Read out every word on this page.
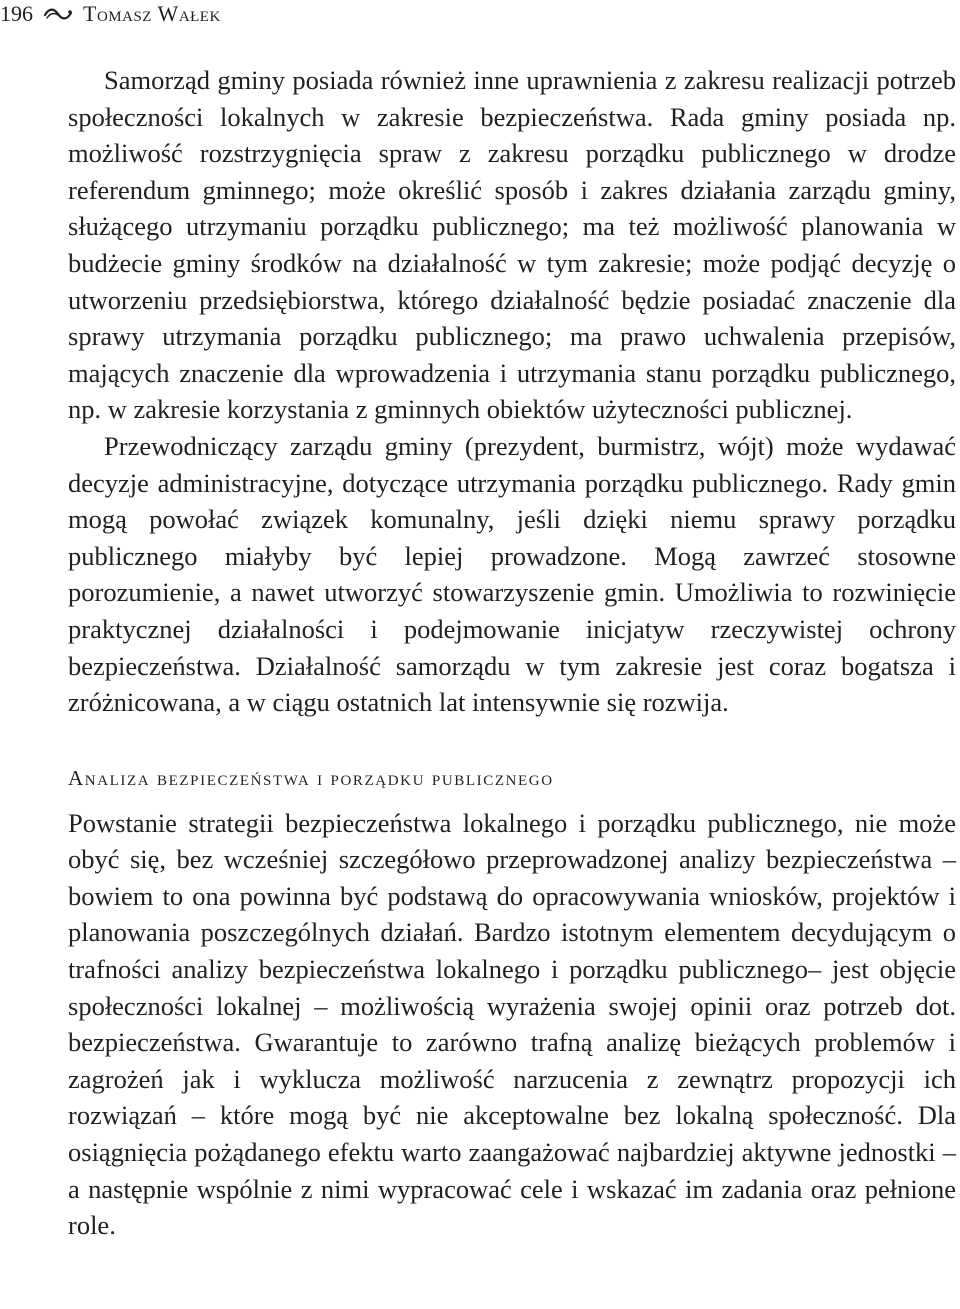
196 Tomasz Wałek

Samorząd gminy posiada również inne uprawnienia z zakresu realizacji potrzeb społeczności lokalnych w zakresie bezpieczeństwa. Rada gminy posiada np. możliwość rozstrzygnięcia spraw z zakresu porządku publicznego w drodze referendum gminnego; może określić sposób i zakres działania zarządu gminy, służącego utrzymaniu porządku publicznego; ma też możliwość planowania w budżecie gminy środków na działalność w tym zakresie; może podjąć decyzję o utworzeniu przedsiębiorstwa, którego działalność będzie posiadać znaczenie dla sprawy utrzymania porządku publicznego; ma prawo uchwalenia przepisów, mających znaczenie dla wprowadzenia i utrzymania stanu porządku publicznego, np. w zakresie korzystania z gminnych obiektów użyteczności publicznej.

Przewodniczący zarządu gminy (prezydent, burmistrz, wójt) może wydawać decyzje administracyjne, dotyczące utrzymania porządku publicznego. Rady gmin mogą powołać związek komunalny, jeśli dzięki niemu sprawy porządku publicznego miałyby być lepiej prowadzone. Mogą zawrzeć stosowne porozumienie, a nawet utworzyć stowarzyszenie gmin. Umożliwia to rozwinięcie praktycznej działalności i podejmowanie inicjatyw rzeczywistej ochrony bezpieczeństwa. Działalność samorządu w tym zakresie jest coraz bogatsza i zróżnicowana, a w ciągu ostatnich lat intensywnie się rozwija.

Analiza bezpieczeństwa i porządku publicznego

Powstanie strategii bezpieczeństwa lokalnego i porządku publicznego, nie może obyć się, bez wcześniej szczegółowo przeprowadzonej analizy bezpieczeństwa – bowiem to ona powinna być podstawą do opracowywania wniosków, projektów i planowania poszczególnych działań. Bardzo istotnym elementem decydującym o trafności analizy bezpieczeństwa lokalnego i porządku publicznego– jest objęcie społeczności lokalnej – możliwością wyrażenia swojej opinii oraz potrzeb dot. bezpieczeństwa. Gwarantuje to zarówno trafną analizę bieżących problemów i zagrożeń jak i wyklucza możliwość narzucenia z zewnątrz propozycji ich rozwiązań – które mogą być nie akceptowalne bez lokalną społeczność. Dla osiągnięcia pożądanego efektu warto zaangażować najbardziej aktywne jednostki – a następnie wspólnie z nimi wypracować cele i wskazać im zadania oraz pełnione role.
